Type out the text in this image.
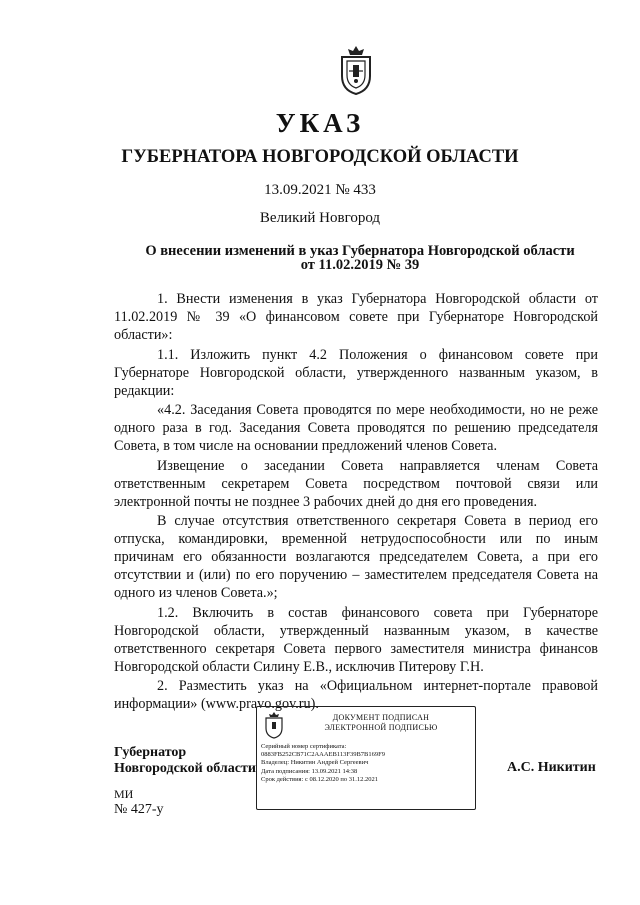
УКАЗ
ГУБЕРНАТОРА НОВГОРОДСКОЙ ОБЛАСТИ
13.09.2021 № 433
Великий Новгород
О внесении изменений в указ Губернатора Новгородской области
от 11.02.2019 № 39

1. Внести изменения в указ Губернатора Новгородской области от 11.02.2019 № 39 «О финансовом совете при Губернаторе Новгородской области»:

1.1. Изложить пункт 4.2 Положения о финансовом совете при Губернаторе Новгородской области, утвержденного названным указом, в редакции:

«4.2. Заседания Совета проводятся по мере необходимости, но не реже одного раза в год. Заседания Совета проводятся по решению председателя Совета, в том числе на основании предложений членов Совета.

Извещение о заседании Совета направляется членам Совета ответственным секретарем Совета посредством почтовой связи или электронной почты не позднее 3 рабочих дней до дня его проведения.

В случае отсутствия ответственного секретаря Совета в период его отпуска, командировки, временной нетрудоспособности или по иным причинам его обязанности возлагаются председателем Совета, а при его отсутствии и (или) по его поручению – заместителем председателя Совета на одного из членов Совета.»;

1.2. Включить в состав финансового совета при Губернаторе Новгородской области, утвержденный названным указом, в качестве ответственного секретаря Совета первого заместителя министра финансов Новгородской области Силину Е.В., исключив Питерову Г.Н.

2. Разместить указ на «Официальном интернет-портале правовой информации» (www.pravo.gov.ru).

Губернатор
Новгородской области
ДОКУМЕНТ ПОДПИСАН
ЭЛЕКТРОННОЙ ПОДПИСЬЮ
Серийный номер сертификата:
0883FB252CB71C2AAAEB113F39B7B169F9
Владелец: Никитин Андрей Сергеевич
Дата подписания: 13.09.2021 14:38
Срок действия: с 08.12.2020 по 31.12.2021
А.С. Никитин
МИ
№ 427-у
